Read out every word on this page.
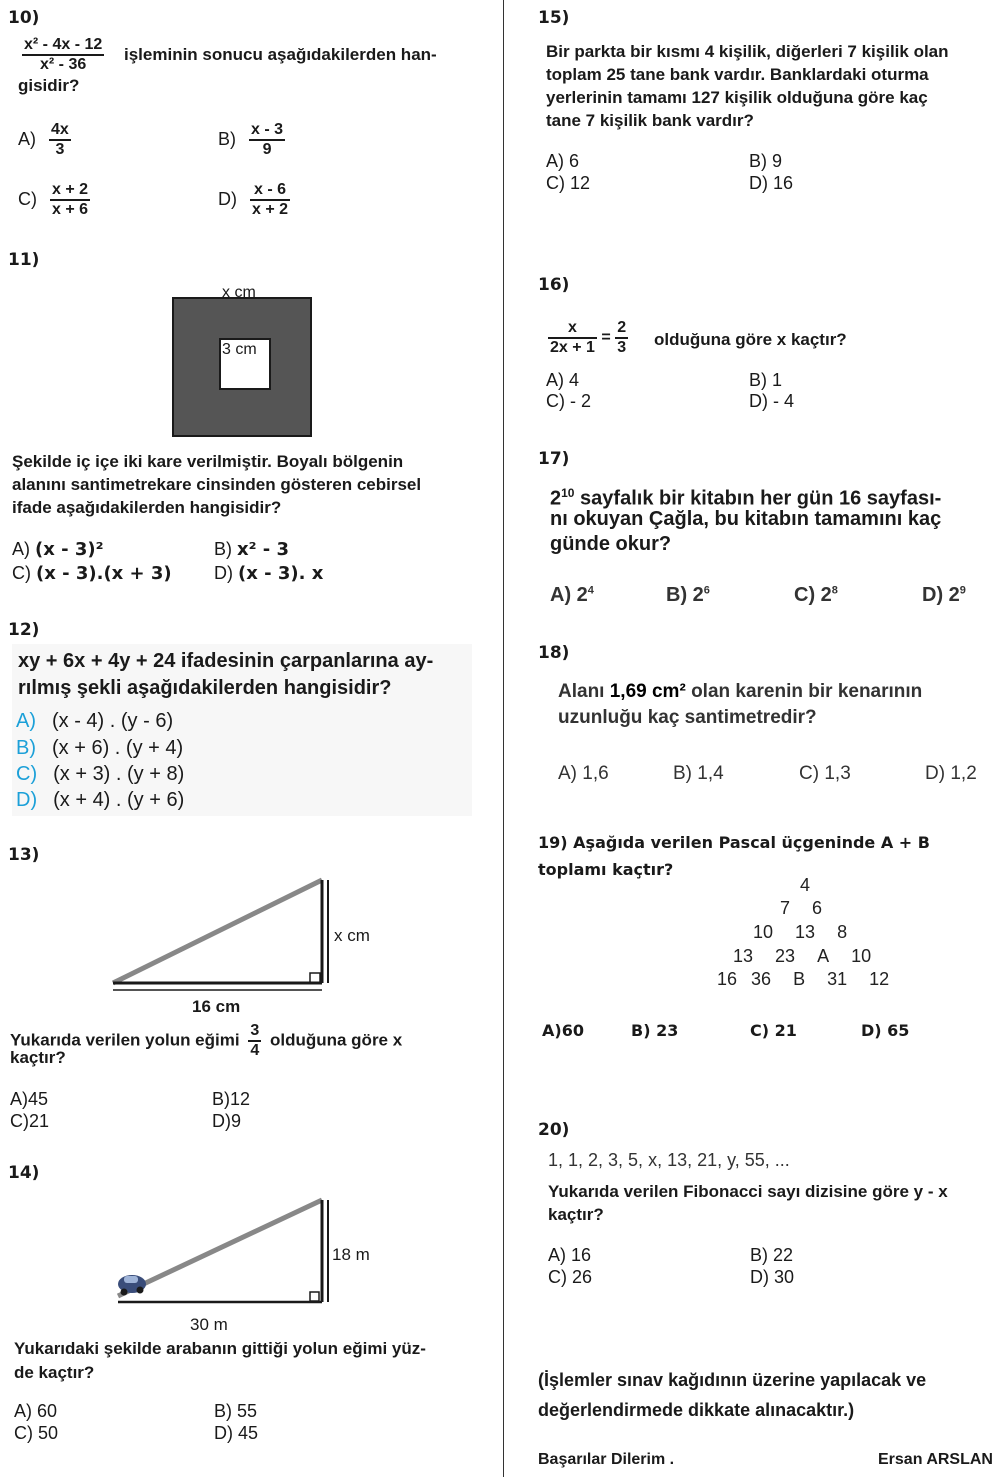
10)
$\frac{\text{x² - 4x - 12}}{\text{x² - 36}}$ işleminin sonucu aşağıdakilerden han-
gisidir?
$A) \frac{4x}{3}$	$B) \frac{x - 3}{9}$
$C) \frac{x + 2}{x + 6}$	$D) \frac{x - 6}{x + 2}$
11)
x cm
3 cm
Şekilde iç içe iki kare verilmiştir. Boyalı bölgenin
alanını santimetrekare cinsinden gösteren cebirsel
ifade aşağıdakilerden hangisidir?
A) (x - 3)²	B) x² - 3
C) (x - 3).(x + 3) D) (x - 3). x
12)
xy + 6x + 4y + 24 ifadesinin çarpanlarına ay-
rılmış şekli aşağıdakilerden hangisidir?
A) (x - 4) . (y - 6)
B) (x + 6) . (y + 4)
C) (x + 3) . (y + 8)
D) (x + 4) . (y + 6)
13)
x cm
16 cm
Yukarıda verilen yolun eğimi $\frac{3}{4}$ olduğuna göre x
kaçtır?
A)45	B)12
C)21	D)9
14)
18 m
30 m
Yukarıdaki şekilde arabanın gittiği yolun eğimi yüz-
de kaçtır?
A) 60	B) 55
C) 50	D) 45
15)
Bir parkta bir kısmı 4 kişilik, diğerleri 7 kişilik olan
toplam 25 tane bank vardır. Banklardaki oturma
yerlerinin tamamı 127 kişilik olduğuna göre kaç
tane 7 kişilik bank vardır?
A) 6	B) 9
C) 12	D) 16
16)
$\frac{x}{2x + 1} = \frac{2}{3}$ olduğuna göre x kaçtır?
A) 4	B) 1
C) - 2	D) - 4
17)
$2^{10}$ sayfalık bir kitabın her gün 16 sayfası-
nı okuyan Çağla, bu kitabın tamamını kaç
günde okur?
A) $2^4$	B) $2^6$	C) $2^8$	D) $2^9$
18)
Alanı 1,69 cm² olan karenin bir kenarının
uzunluğu kaç santimetredir?
A) 1,6	B) 1,4	C) 1,3	D) 1,2
19) Aşağıda verilen Pascal üçgeninde A + B
toplamı kaçtır?
4
7 6
10 13 8
13 23 A 10
16 36 B 31 12
A)60	B) 23	C) 21	D) 65
20)
1, 1, 2, 3, 5, x, 13, 21, y, 55, ...
Yukarıda verilen Fibonacci sayı dizisine göre y - x
kaçtır?
A) 16	B) 22
C) 26	D) 30
(İşlemler sınav kağıdının üzerine yapılacak ve
değerlendirmede dikkate alınacaktır.)
Başarılar Dilerim .	Ersan ARSLAN
